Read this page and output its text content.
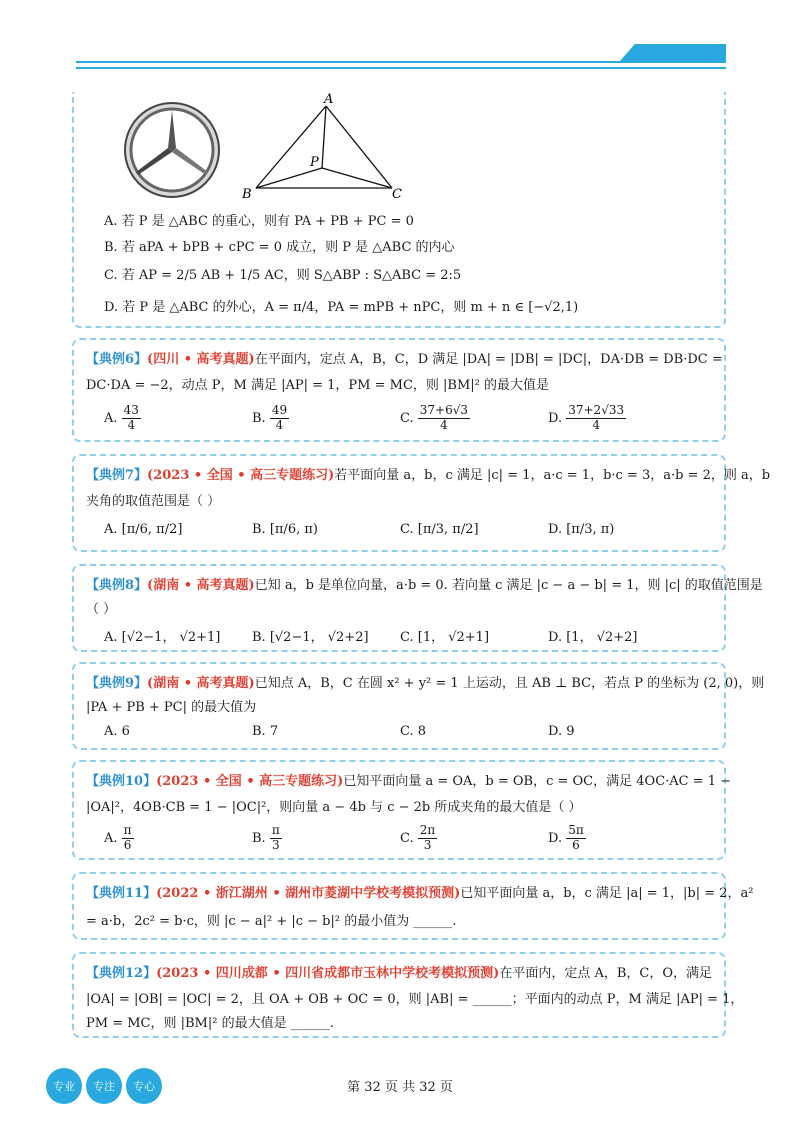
A
P
B	C
A. 若 P 是 △ABC 的重心，则有 PA + PB + PC = 0
B. 若 aPA + bPB + cPC = 0 成立，则 P 是 △ABC 的内心
C. 若 AP = 2/5 AB + 1/5 AC，则 S△ABP : S△ABC = 2:5
D. 若 P 是 △ABC 的外心，A = π/4，PA = mPB + nPC，则 m + n ∈ [−√2,1)
【典例6】(四川 • 高考真题)在平面内，定点 A，B，C，D 满足 |DA| = |DB| = |DC|，DA·DB = DB·DC =
DC·DA = −2，动点 P，M 满足 |AP| = 1，PM = MC，则 |BM|² 的最大值是
A. $\frac{43}{4}$	B. $\frac{49}{4}$	C. $\frac{37+6√3}{4}$	D. $\frac{37+2√33}{4}$
【典例7】(2023 • 全国 • 高三专题练习)若平面向量 a，b，c 满足 |c| = 1，a·c = 1，b·c = 3，a·b = 2，则 a，b
夹角的取值范围是（ ）
A. [π/6, π/2]	B. [π/6, π)	C. [π/3, π/2]	D. [π/3, π)
【典例8】(湖南 • 高考真题)已知 a，b 是单位向量，a·b = 0. 若向量 c 满足 |c − a − b| = 1，则 |c| 的取值范围是
（ ）
A. [√2−1， √2+1] B. [√2−1， √2+2] C. [1， √2+1]	D. [1， √2+2]
【典例9】(湖南 • 高考真题)已知点 A，B，C 在圆 x² + y² = 1 上运动，且 AB ⊥ BC，若点 P 的坐标为 (2, 0)，则
|PA + PB + PC| 的最大值为
A. 6	B. 7	C. 8	D. 9
【典例10】(2023 • 全国 • 高三专题练习)已知平面向量 a = OA，b = OB，c = OC，满足 4OC·AC = 1 −
|OA|²，4OB·CB = 1 − |OC|²，则向量 a − 4b 与 c − 2b 所成夹角的最大值是（ ）
A. $\frac{\pi}{6}$	B. $\frac{\pi}{3}$	C. $\frac{2\pi}{3}$	D. $\frac{5\pi}{6}$
【典例11】(2022 • 浙江湖州 • 湖州市菱湖中学校考模拟预测)已知平面向量 a，b，c 满足 |a| = 1，|b| = 2，a²
= a·b，2c² = b·c，则 |c − a|² + |c − b|² 的最小值为 ______.
【典例12】(2023 • 四川成都 • 四川省成都市玉林中学校考模拟预测)在平面内，定点 A，B，C，O，满足
|OA| = |OB| = |OC| = 2，且 OA + OB + OC = 0，则 |AB| = ______；平面内的动点 P，M 满足 |AP| = 1，
PM = MC，则 |BM|² 的最大值是 ______.
专业	专注	专心	第 32 页 共 32 页
